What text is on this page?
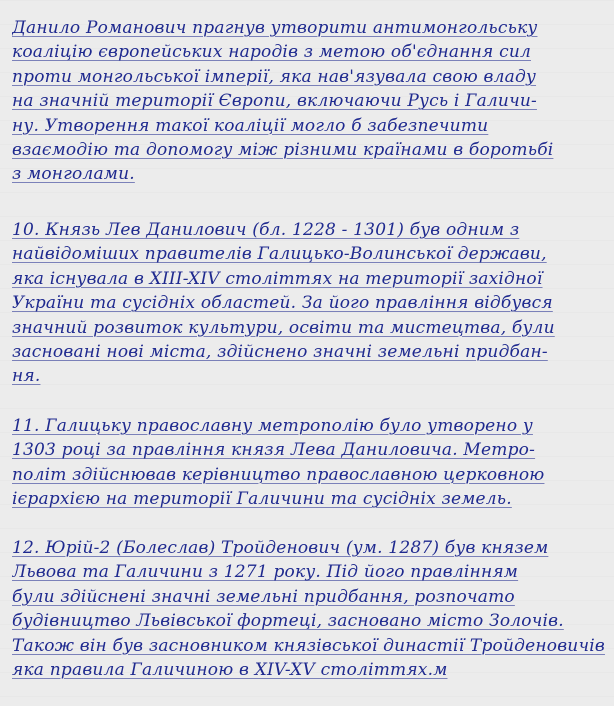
Данило Романович прагнув утворити антимонгольську
коаліцію європейських народів з метою об'єднання сил
проти монгольської імперії, яка нав'язувала свою владу
на значній території Європи, включаючи Русь і Галичи-
ну. Утворення такої коаліції могло б забезпечити
взаємодію та допомогу між різними країнами в боротьбі
з монголами.
10. Князь Лев Данилович (бл. 1228 - 1301) був одним з
найвідоміших правителів Галицько-Волинської держави,
яка існувала в XIII-XIV століттях на території західної
України та сусідніх областей. За його правління відбувся
значний розвиток культури, освіти та мистецтва, були
засновані нові міста, здійснено значні земельні придбан-
ня.
11. Галицьку православну метрополію було утворено у
1303 році за правління князя Лева Даниловича. Метро-
політ здійснював керівництво православною церковною
ієрархією на території Галичини та сусідніх земель.
12. Юрій-2 (Болеслав) Тройденович (ум. 1287) був князем
Львова та Галичини з 1271 року. Під його правлінням
були здійснені значні земельні придбання, розпочато
будівництво Львівської фортеці, засновано місто Золочів.
Також він був засновником князівської династії Тройденовичів
яка правила Галичиною в XIV-XV століттях.м
